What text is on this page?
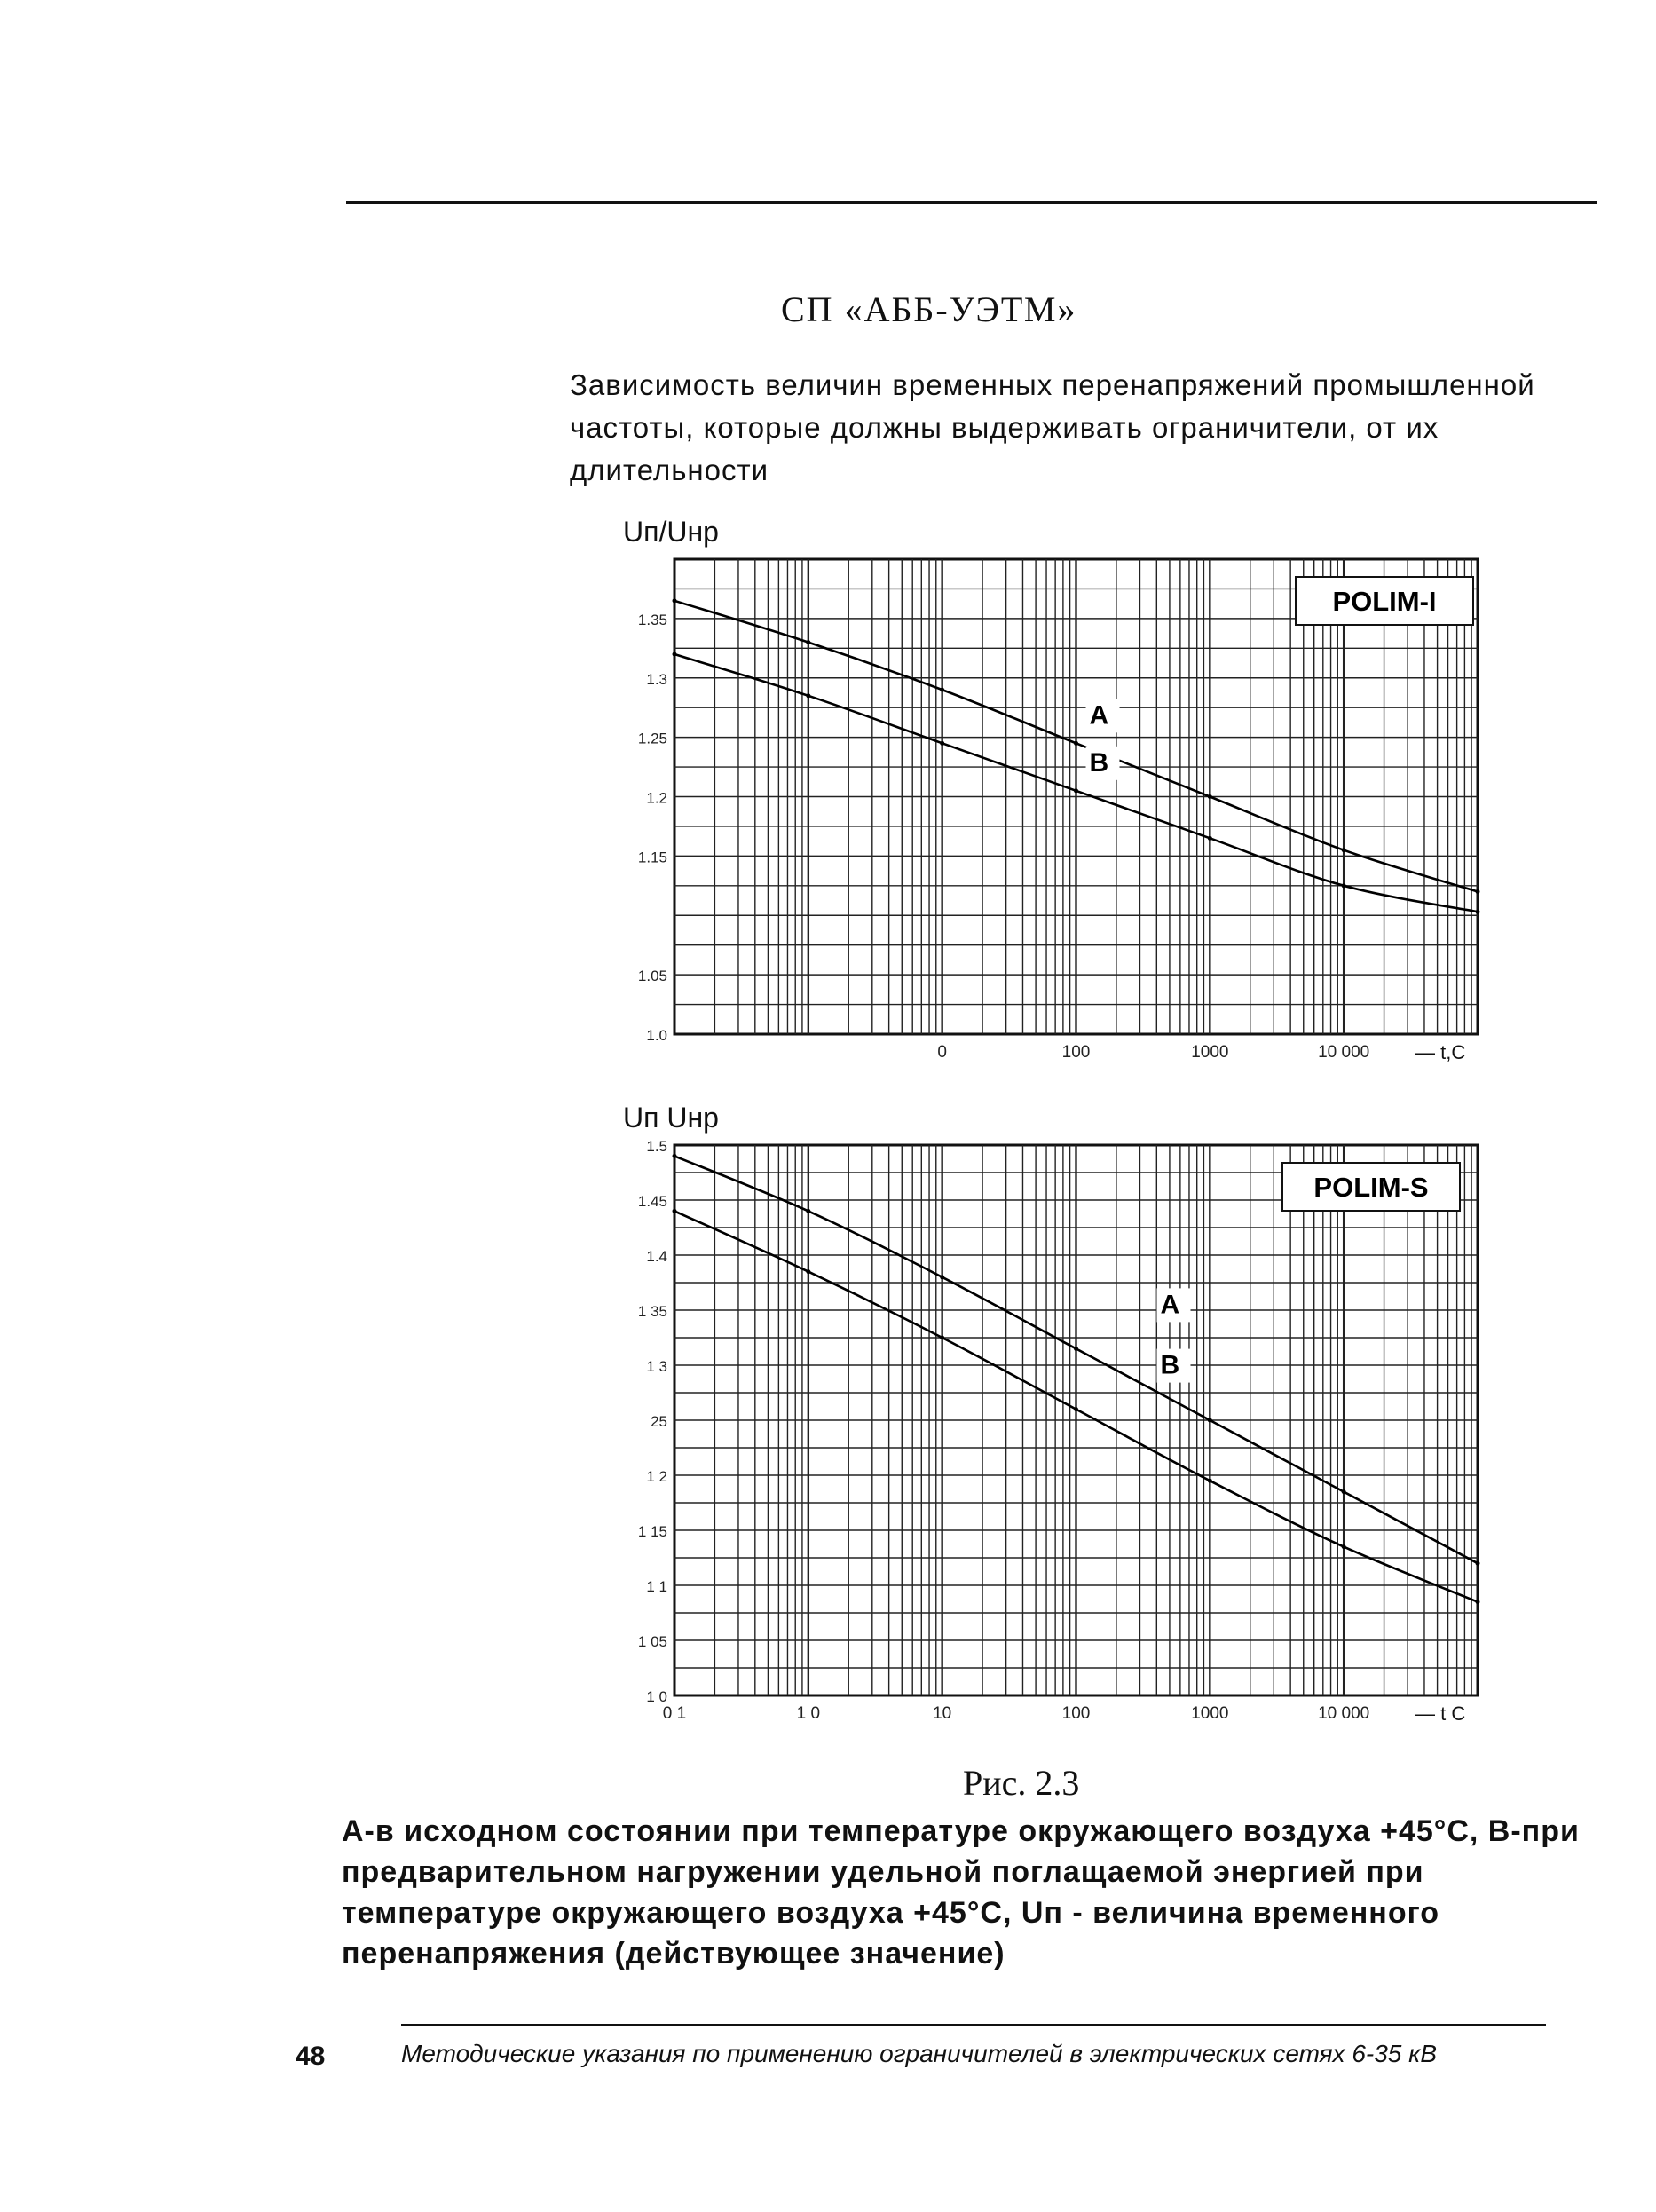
СП «АББ-УЭТМ»

Зависимость величин временных перенапряжений промышленной частоты, которые должны выдерживать ограничители, от их длительности

Uп/Uнр
1.35
1.3
1.25
1.2
1.15
1.05
1.0
0	100	1000	10 000 — t,C
A
B
POLIM-I
Uп Uнр
1.5
1.45
1.4
1 35
1 3
25
1 2
1 15
1 1
1 05
1 0
0 1	1 0	10	100	1000	10 000 — t C
A
B
POLIM-S
Рис. 2.3

А-в исходном состоянии при температуре окружающего воздуха +45°С, В-при предварительном нагружении удельной поглащаемой энергией при температуре окружающего воздуха +45°С, Uп - величина временного перенапряжения (действующее значение)

48	Методические указания по применению ограничителей в электрических сетях 6-35 кВ
